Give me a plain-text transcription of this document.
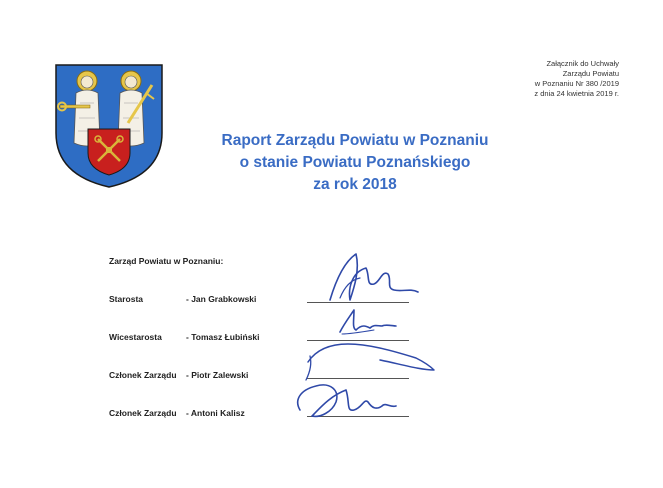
Załącznik do Uchwały
Zarządu Powiatu
w Poznaniu Nr 380 /2019
z dnia 24 kwietnia 2019 r.
Raport Zarządu Powiatu w Poznaniu
o stanie Powiatu Poznańskiego
za rok 2018
Zarząd Powiatu w Poznaniu:
Starosta	- Jan Grabkowski
Wicestarosta	- Tomasz Łubiński
Członek Zarządu - Piotr Zalewski
Członek Zarządu - Antoni Kalisz
